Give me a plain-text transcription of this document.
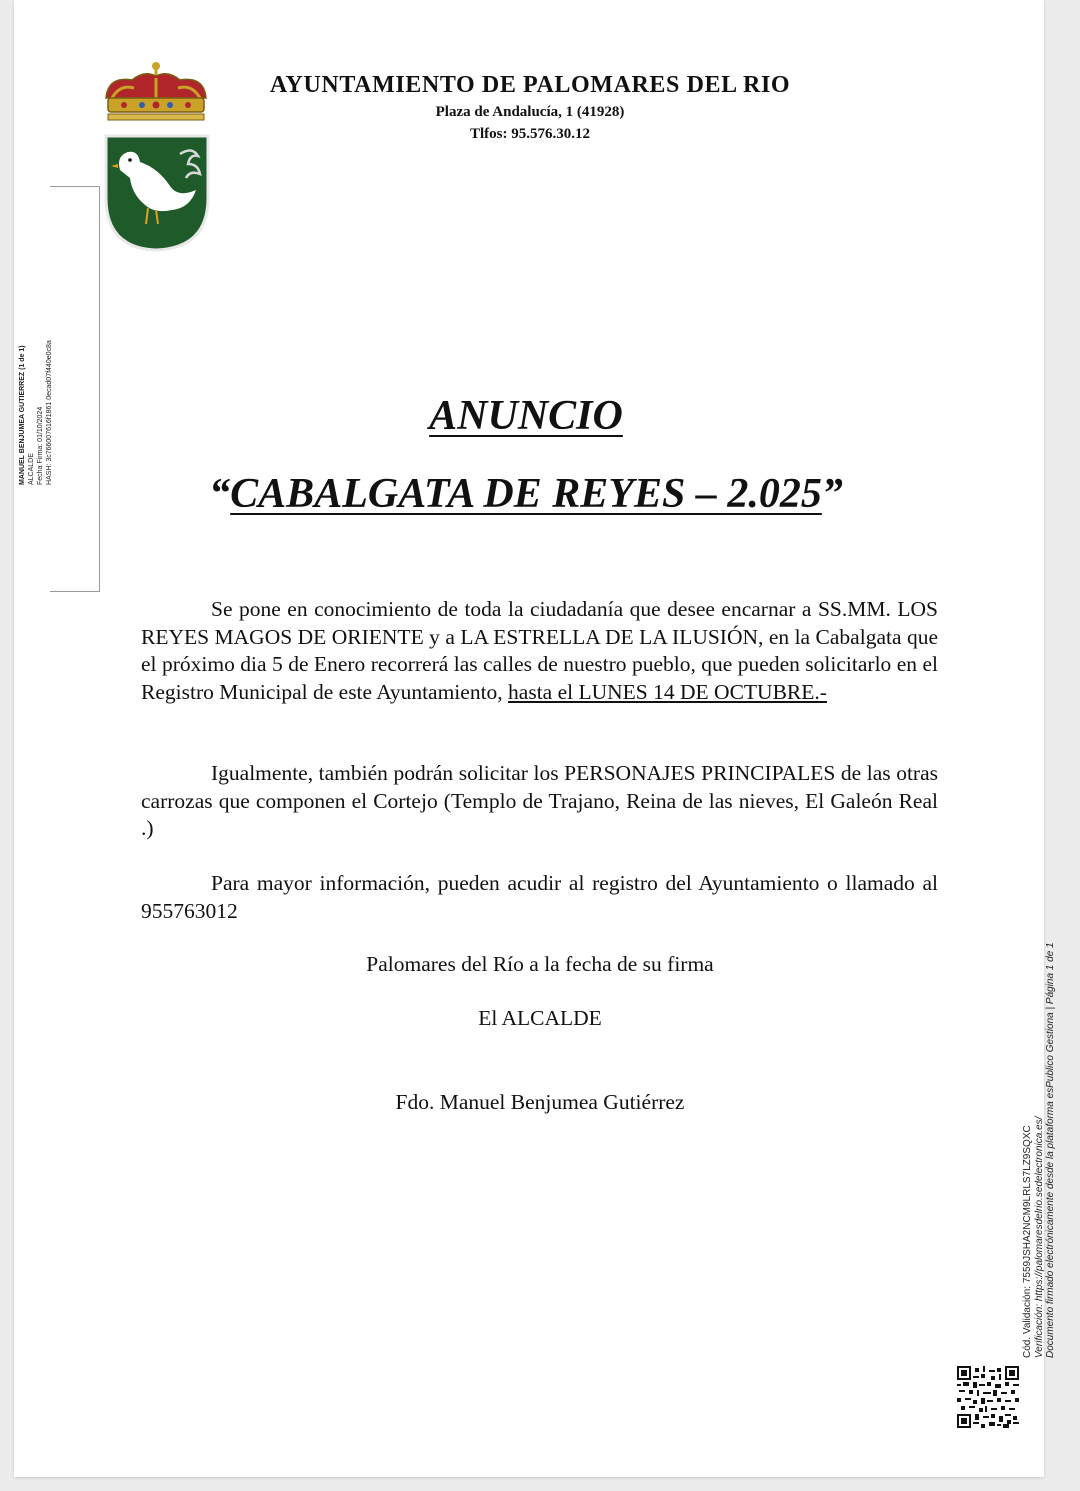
AYUNTAMIENTO DE PALOMARES DEL RIO
Plaza de Andalucía, 1 (41928)
Tlfos: 95.576.30.12
MANUEL BENJUMEA GUTIERREZ (1 de 1) ALCALDE Fecha Firma: 01/10/2024 HASH: 3c766007616f1861 0ecad07f440e0c8a	ANUNCIO
“CABALGATA DE REYES – 2.025”
Se pone en conocimiento de toda la ciudadanía que desee encarnar a SS.MM. LOS REYES MAGOS DE ORIENTE y a LA ESTRELLA DE LA ILUSIÓN, en la Cabalgata que el próximo dia 5 de Enero recorrerá las calles de nuestro pueblo, que pueden solicitarlo en el Registro Municipal de este Ayuntamiento, hasta el LUNES 14 DE OCTUBRE.-
Igualmente, también podrán solicitar los PERSONAJES PRINCIPALES de las otras carrozas que componen el Cortejo (Templo de Trajano, Reina de las nieves, El Galeón Real .)
Para mayor información, pueden acudir al registro del Ayuntamiento o llamado al 955763012
Palomares del Río a la fecha de su firma
El ALCALDE
Fdo. Manuel Benjumea Gutiérrez
Cód. Validación: 7559JSHA2NCM9LRLS7LZ9SQXC Verificación: https://palomaresdelrio.sedelectronica.es/ Documento firmado electrónicamente desde la plataforma esPublico Gestiona | Página 1 de 1
